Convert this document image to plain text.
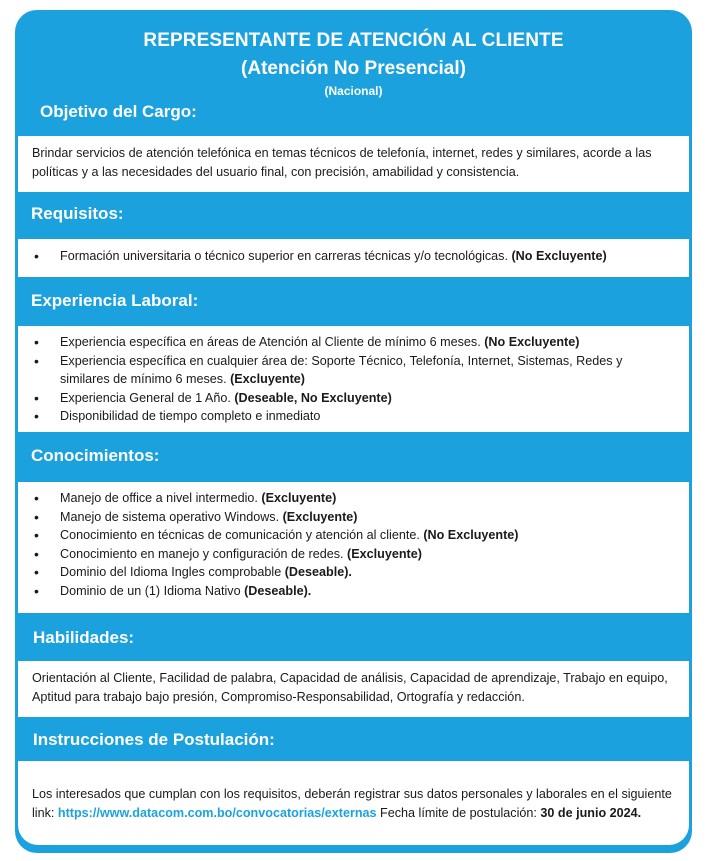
REPRESENTANTE DE ATENCIÓN AL CLIENTE
(Atención No Presencial)
(Nacional)
Objetivo del Cargo:

Brindar servicios de atención telefónica en temas técnicos de telefonía, internet, redes y similares, acorde a las políticas y a las necesidades del usuario final, con precisión, amabilidad y consistencia.

Requisitos:
• Formación universitaria o técnico superior en carreras técnicas y/o tecnológicas. (No Excluyente)
Experiencia Laboral:
• Experiencia específica en áreas de Atención al Cliente de mínimo 6 meses. (No Excluyente)
• Experiencia específica en cualquier área de: Soporte Técnico, Telefonía, Internet, Sistemas, Redes y similares de mínimo 6 meses. (Excluyente)
• Experiencia General de 1 Año. (Deseable, No Excluyente)
• Disponibilidad de tiempo completo e inmediato
Conocimientos:
• Manejo de office a nivel intermedio. (Excluyente)
• Manejo de sistema operativo Windows. (Excluyente)
• Conocimiento en técnicas de comunicación y atención al cliente. (No Excluyente)
• Conocimiento en manejo y configuración de redes. (Excluyente)
• Dominio del Idioma Ingles comprobable (Deseable).
• Dominio de un (1) Idioma Nativo (Deseable).
Habilidades:

Orientación al Cliente, Facilidad de palabra, Capacidad de análisis, Capacidad de aprendizaje, Trabajo en equipo, Aptitud para trabajo bajo presión, Compromiso-Responsabilidad, Ortografía y redacción.

Instrucciones de Postulación:

Los interesados que cumplan con los requisitos, deberán registrar sus datos personales y laborales en el siguiente link: https://www.datacom.com.bo/convocatorias/externas Fecha límite de postulación: 30 de junio 2024.
